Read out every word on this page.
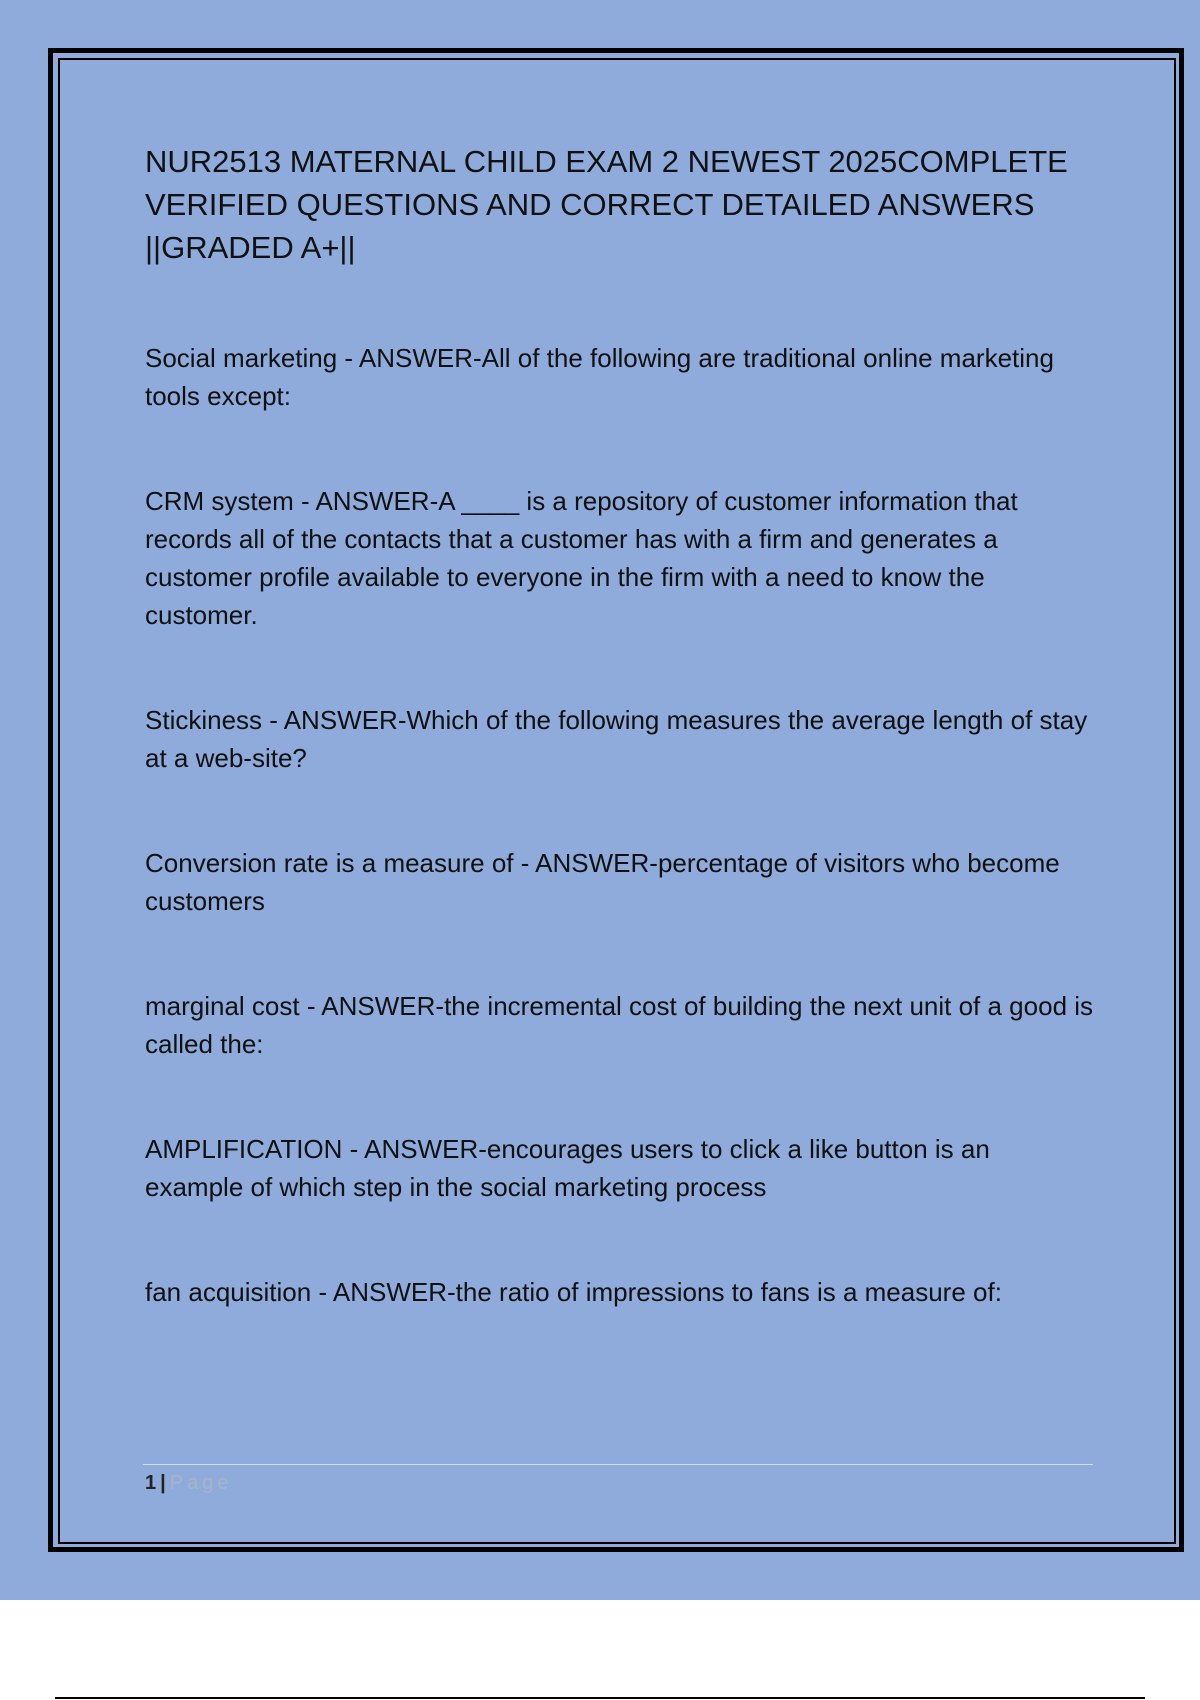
NUR2513 MATERNAL CHILD EXAM 2 NEWEST 2025COMPLETE VERIFIED QUESTIONS AND CORRECT DETAILED ANSWERS ||GRADED A+||
Social marketing - ANSWER-All of the following are traditional online marketing tools except:
CRM system - ANSWER-A ____ is a repository of customer information that records all of the contacts that a customer has with a firm and generates a customer profile available to everyone in the firm with a need to know the customer.
Stickiness - ANSWER-Which of the following measures the average length of stay at a web-site?
Conversion rate is a measure of - ANSWER-percentage of visitors who become customers
marginal cost - ANSWER-the incremental cost of building the next unit of a good is called the:
AMPLIFICATION - ANSWER-encourages users to click a like button is an example of which step in the social marketing process
fan acquisition - ANSWER-the ratio of impressions to fans is a measure of:
1 | Page
